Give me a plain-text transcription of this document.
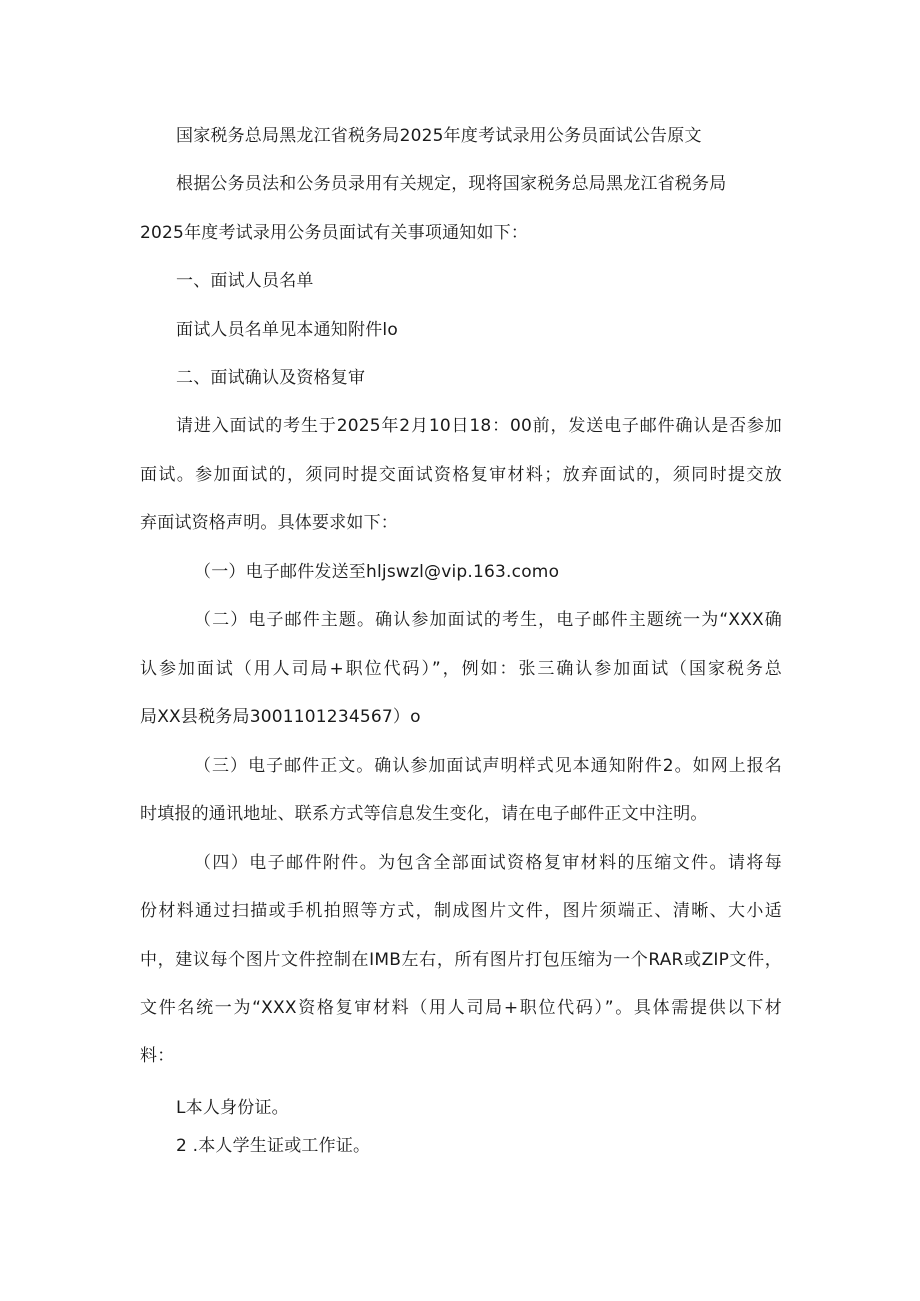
国家税务总局黑龙江省税务局2025年度考试录用公务员面试公告原文
根据公务员法和公务员录用有关规定，现将国家税务总局黑龙江省税务局
2025年度考试录用公务员面试有关事项通知如下：
一、面试人员名单
面试人员名单见本通知附件lo
二、面试确认及资格复审
请进入面试的考生于2025年2月10日18：00前，发送电子邮件确认是否参加
面试。参加面试的，须同时提交面试资格复审材料；放弃面试的，须同时提交放
弃面试资格声明。具体要求如下：
（一）电子邮件发送至hljswzl@vip.163.como
（二）电子邮件主题。确认参加面试的考生，电子邮件主题统一为“XXX确
认参加面试（用人司局+职位代码）”，例如：张三确认参加面试（国家税务总
局XX县税务局3001101234567）o
（三）电子邮件正文。确认参加面试声明样式见本通知附件2。如网上报名
时填报的通讯地址、联系方式等信息发生变化，请在电子邮件正文中注明。
（四）电子邮件附件。为包含全部面试资格复审材料的压缩文件。请将每
份材料通过扫描或手机拍照等方式，制成图片文件，图片须端正、清晰、大小适
中，建议每个图片文件控制在IMB左右，所有图片打包压缩为一个RAR或ZIP文件，
文件名统一为“XXX资格复审材料（用人司局+职位代码）”。具体需提供以下材
料：
L本人身份证。
2 .本人学生证或工作证。
